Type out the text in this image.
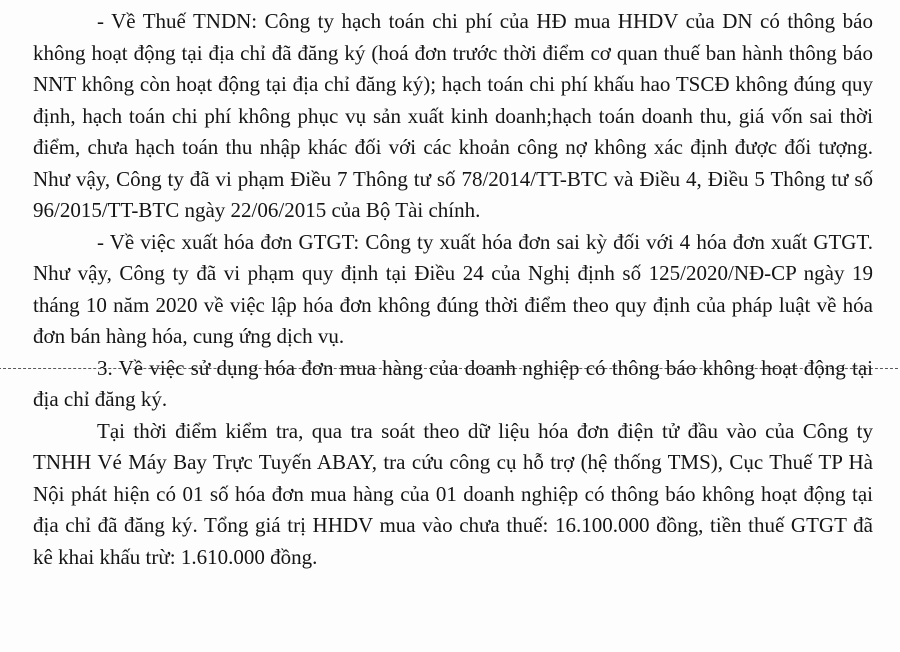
- Về Thuế TNDN: Công ty hạch toán chi phí của HĐ mua HHDV của DN có thông báo không hoạt động tại địa chỉ đã đăng ký (hoá đơn trước thời điểm cơ quan thuế ban hành thông báo NNT không còn hoạt động tại địa chỉ đăng ký); hạch toán chi phí khấu hao TSCĐ không đúng quy định, hạch toán chi phí không phục vụ sản xuất kinh doanh;hạch toán doanh thu, giá vốn sai thời điểm, chưa hạch toán thu nhập khác đối với các khoản công nợ không xác định được đối tượng. Như vậy, Công ty đã vi phạm Điều 7 Thông tư số 78/2014/TT-BTC và Điều 4, Điều 5 Thông tư số 96/2015/TT-BTC ngày 22/06/2015 của Bộ Tài chính.

- Về việc xuất hóa đơn GTGT: Công ty xuất hóa đơn sai kỳ đối với 4 hóa đơn xuất GTGT. Như vậy, Công ty đã vi phạm quy định tại Điều 24 của Nghị định số 125/2020/NĐ-CP ngày 19 tháng 10 năm 2020 về việc lập hóa đơn không đúng thời điểm theo quy định của pháp luật về hóa đơn bán hàng hóa, cung ứng dịch vụ.

3. Về việc sử dụng hóa đơn mua hàng của doanh nghiệp có thông báo không hoạt động tại địa chỉ đăng ký.

Tại thời điểm kiểm tra, qua tra soát theo dữ liệu hóa đơn điện tử đầu vào của Công ty TNHH Vé Máy Bay Trực Tuyến ABAY, tra cứu công cụ hỗ trợ (hệ thống TMS), Cục Thuế TP Hà Nội phát hiện có 01 số hóa đơn mua hàng của 01 doanh nghiệp có thông báo không hoạt động tại địa chỉ đã đăng ký. Tổng giá trị HHDV mua vào chưa thuế: 16.100.000 đồng, tiền thuế GTGT đã kê khai khấu trừ: 1.610.000 đồng.
